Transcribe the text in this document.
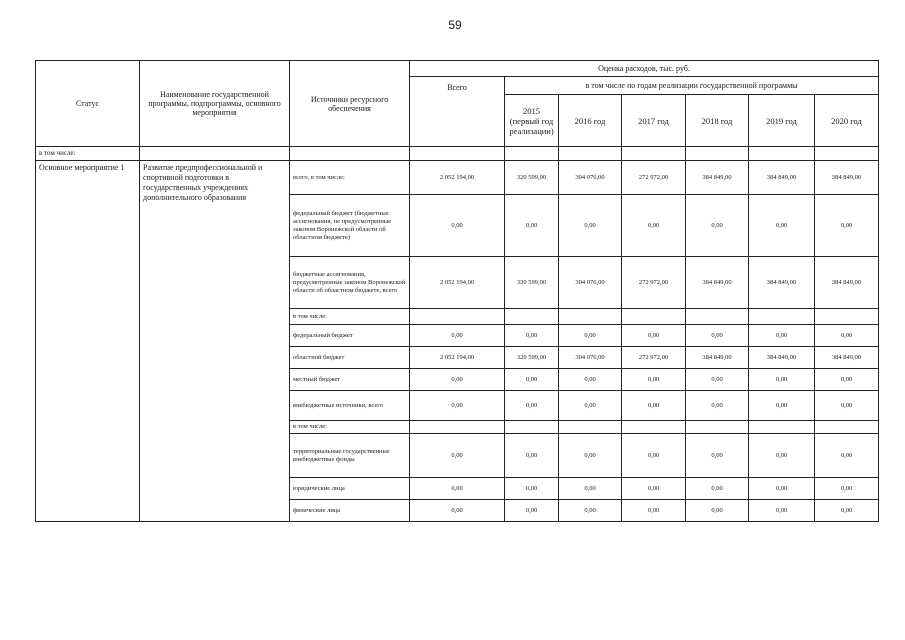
59
Статус	Наименование государственной программы, подпрограммы, основного мероприятия	Источники ресурсного обеспечения	Оценка расходов, тыс. руб.						
			Всего	в том числе по годам реализации государственной программы					
				2015 (первый год реализации)	2016 год	2017 год	2018 год	2019 год	2020 год
в том числе:									
Основное мероприятие 1	Развитие предпрофессиональной и спортивной подготовки в государственных учреждениях дополнительного образования	всего, в том числе:	2 052 194,00	320 599,00	304 076,00	272 972,00	384 849,00	384 849,00	384 849,00
		федеральный бюджет (бюджетные ассигнования, не предусмотренные законом Воронежской области об областном бюджете)	0,00	0,00	0,00	0,00	0,00	0,00	0,00
		бюджетные ассигнования, предусмотренные законом Воронежской области об областном бюджете, всего	2 052 194,00	320 599,00	304 076,00	272 972,00	384 849,00	384 849,00	384 849,00
		в том числе:							
		федеральный бюджет	0,00	0,00	0,00	0,00	0,00	0,00	0,00
		областной бюджет	2 052 194,00	320 599,00	304 076,00	272 972,00	384 849,00	384 849,00	384 849,00
		местный бюджет	0,00	0,00	0,00	0,00	0,00	0,00	0,00
		внебюджетные источники, всего	0,00	0,00	0,00	0,00	0,00	0,00	0,00
		в том числе:							
		территориальные государственные внебюджетные фонды	0,00	0,00	0,00	0,00	0,00	0,00	0,00
		юридические лица	0,00	0,00	0,00	0,00	0,00	0,00	0,00
		физические лица	0,00	0,00	0,00	0,00	0,00	0,00	0,00
